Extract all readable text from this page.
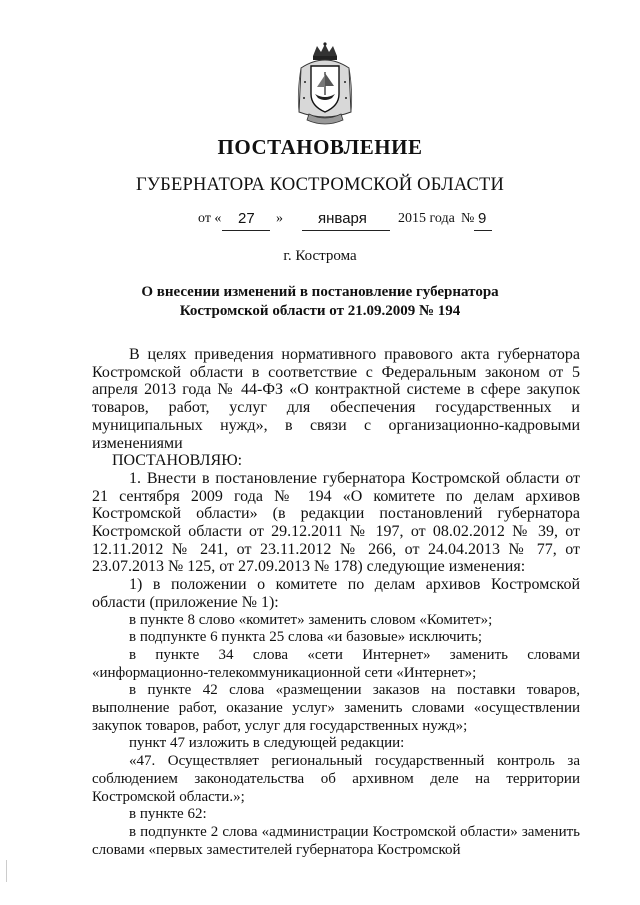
ПОСТАНОВЛЕНИЕ
ГУБЕРНАТОРА КОСТРОМСКОЙ ОБЛАСТИ
от « 27 » января 2015 года № 9
г. Кострома
О внесении изменений в постановление губернатора
Костромской области от 21.09.2009 № 194

В целях приведения нормативного правового акта губернатора Костромской области в соответствие с Федеральным законом от 5 апреля 2013 года № 44-ФЗ «О контрактной системе в сфере закупок товаров, работ, услуг для обеспечения государственных и муниципальных нужд», в связи с организационно-кадровыми изменениями

ПОСТАНОВЛЯЮ:

1. Внести в постановление губернатора Костромской области от 21 сентября 2009 года № 194 «О комитете по делам архивов Костромской области» (в редакции постановлений губернатора Костромской области от 29.12.2011 № 197, от 08.02.2012 № 39, от 12.11.2012 № 241, от 23.11.2012 № 266, от 24.04.2013 № 77, от 23.07.2013 № 125, от 27.09.2013 № 178) следующие изменения:

1) в положении о комитете по делам архивов Костромской области (приложение № 1):

в пункте 8 слово «комитет» заменить словом «Комитет»;

в подпункте 6 пункта 25 слова «и базовые» исключить;

в пункте 34 слова «сети Интернет» заменить словами

«информационно-телекоммуникационной сети «Интернет»;

в пункте 42 слова «размещении заказов на поставки товаров, выполнение работ, оказание услуг» заменить словами «осуществлении закупок товаров, работ, услуг для государственных нужд»;

пункт 47 изложить в следующей редакции:

«47. Осуществляет региональный государственный контроль за соблюдением законодательства об архивном деле на территории Костромской области.»;

в пункте 62:

в подпункте 2 слова «администрации Костромской области» заменить словами «первых заместителей губернатора Костромской
